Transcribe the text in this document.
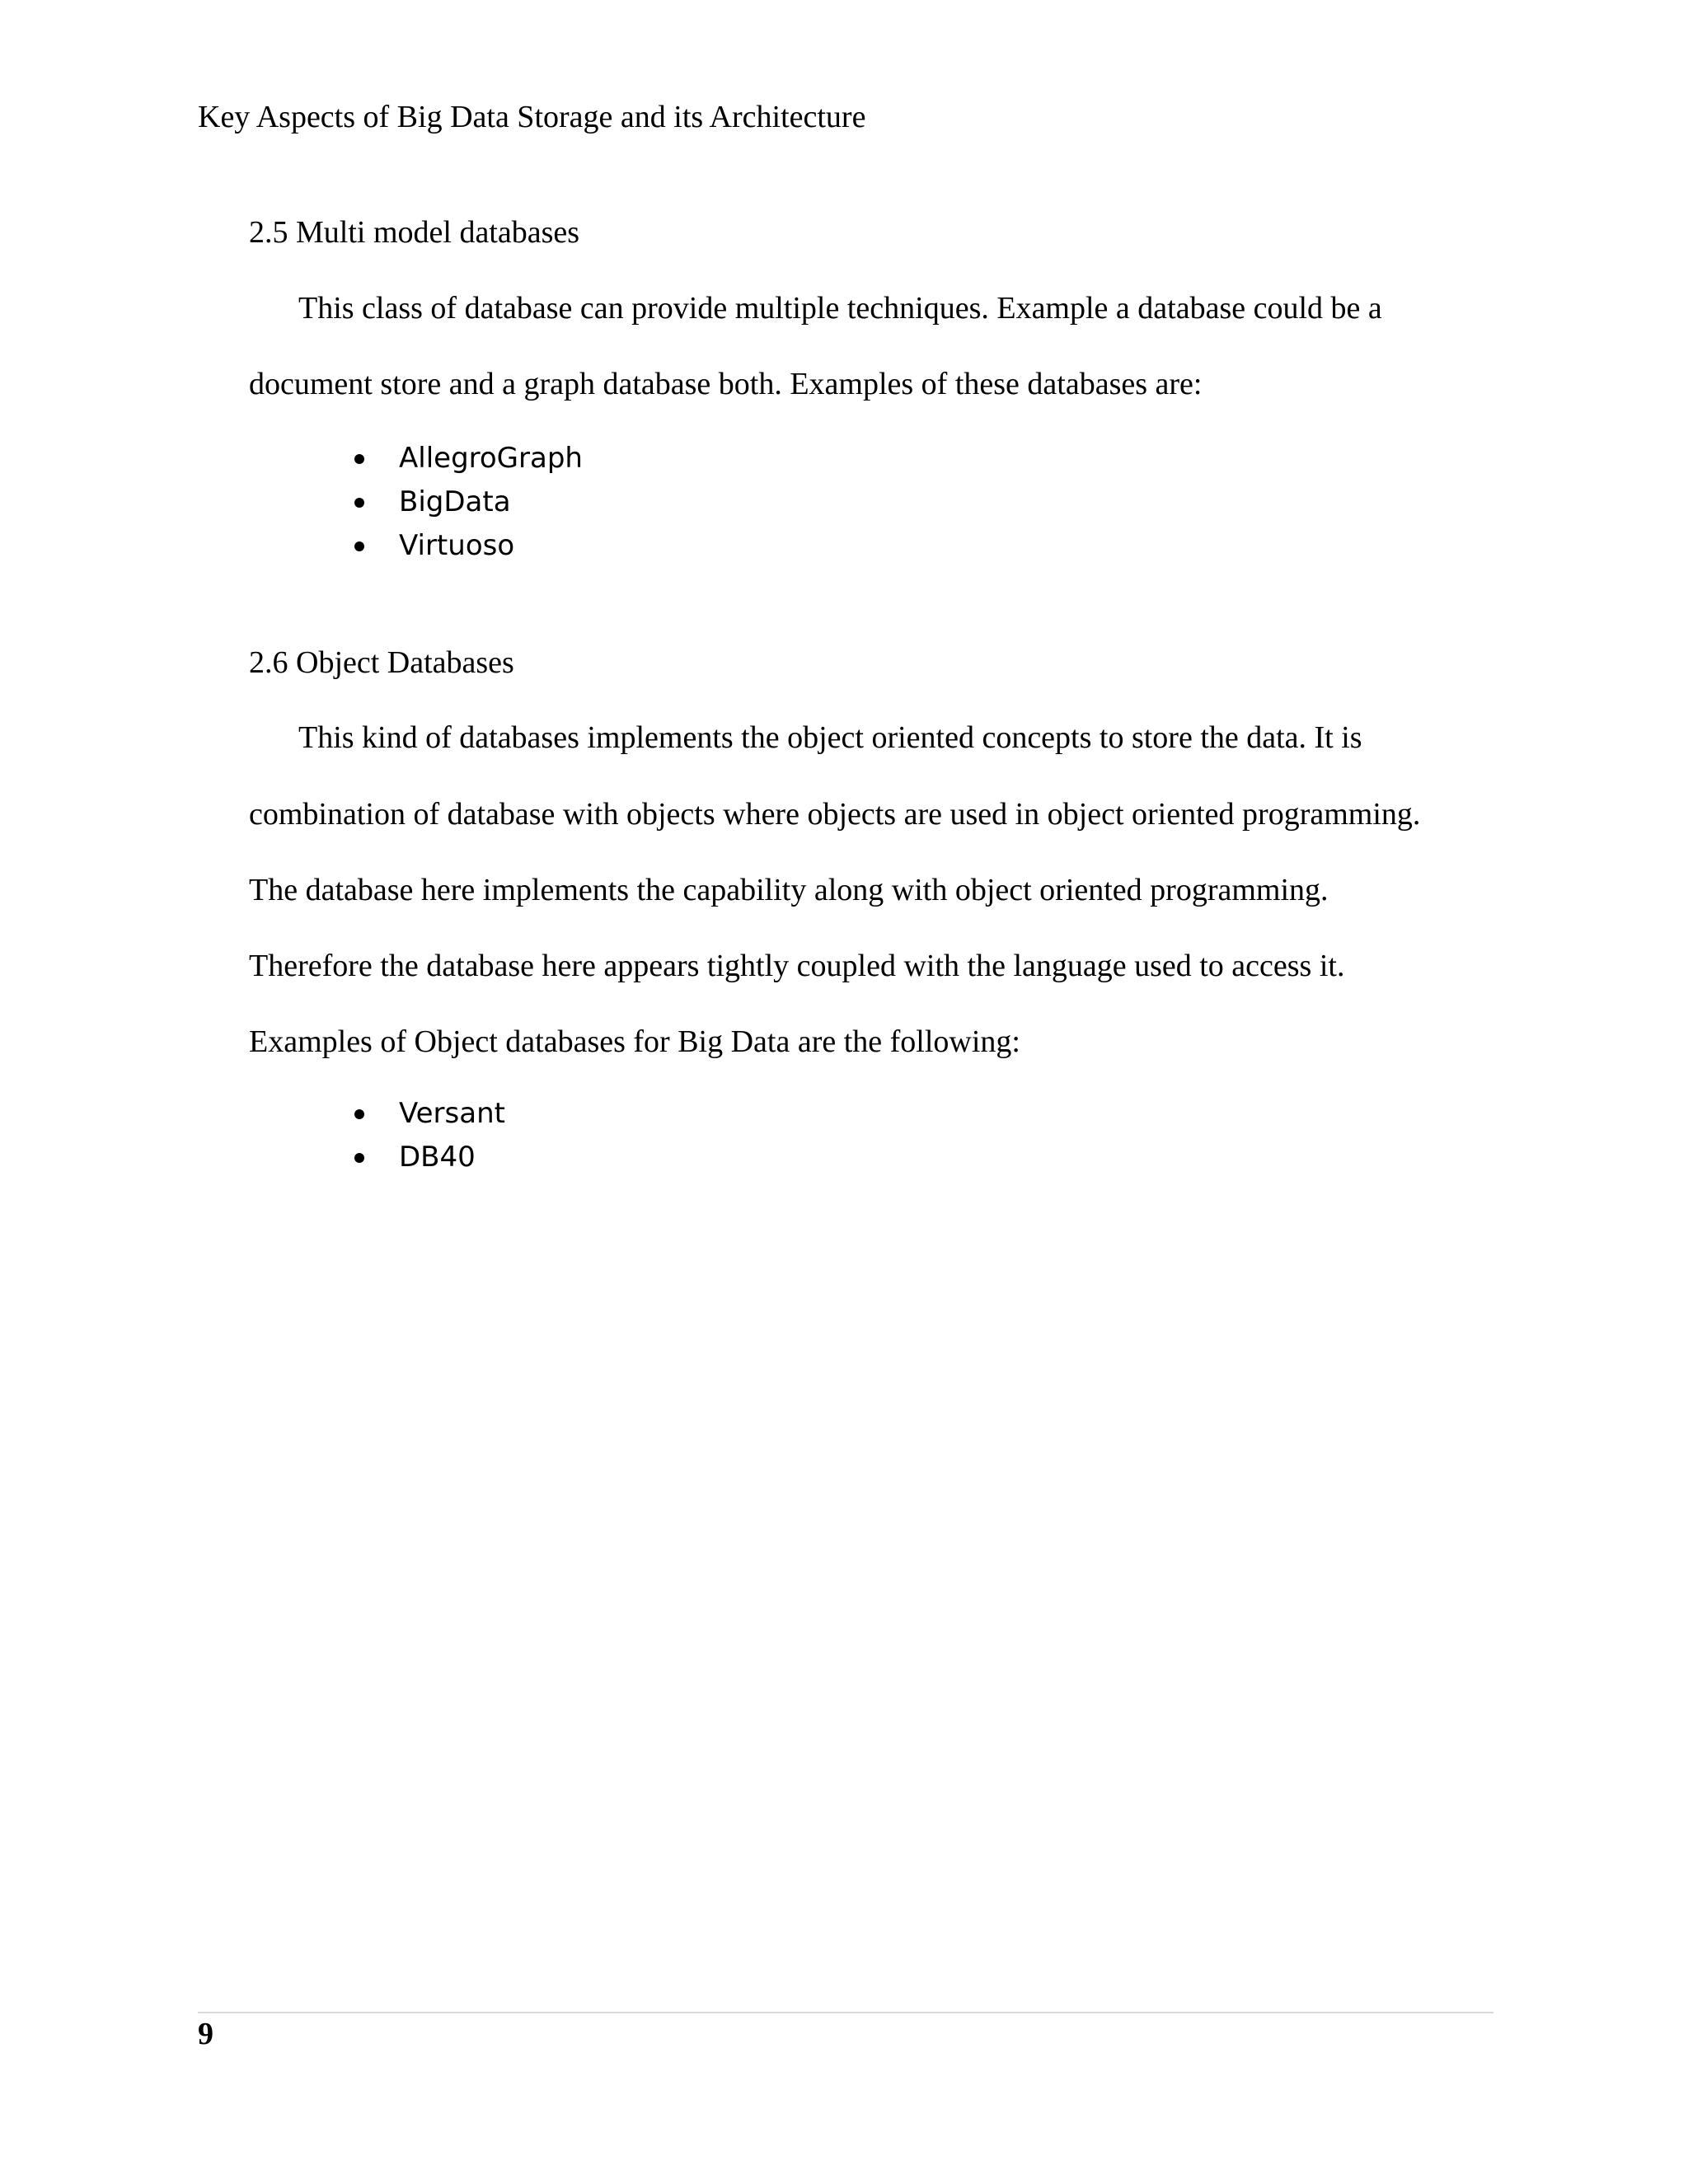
Key Aspects of Big Data Storage and its Architecture
2.5 Multi model databases
This class of database can provide multiple techniques. Example a database could be a
document store and a graph database both. Examples of these databases are:
AllegroGraph
BigData
Virtuoso
2.6 Object Databases
This kind of databases implements the object oriented concepts to store the data. It is
combination of database with objects where objects are used in object oriented programming.
The database here implements the capability along with object oriented programming.
Therefore the database here appears tightly coupled with the language used to access it.
Examples of Object databases for Big Data are the following:
Versant
DB40
9
